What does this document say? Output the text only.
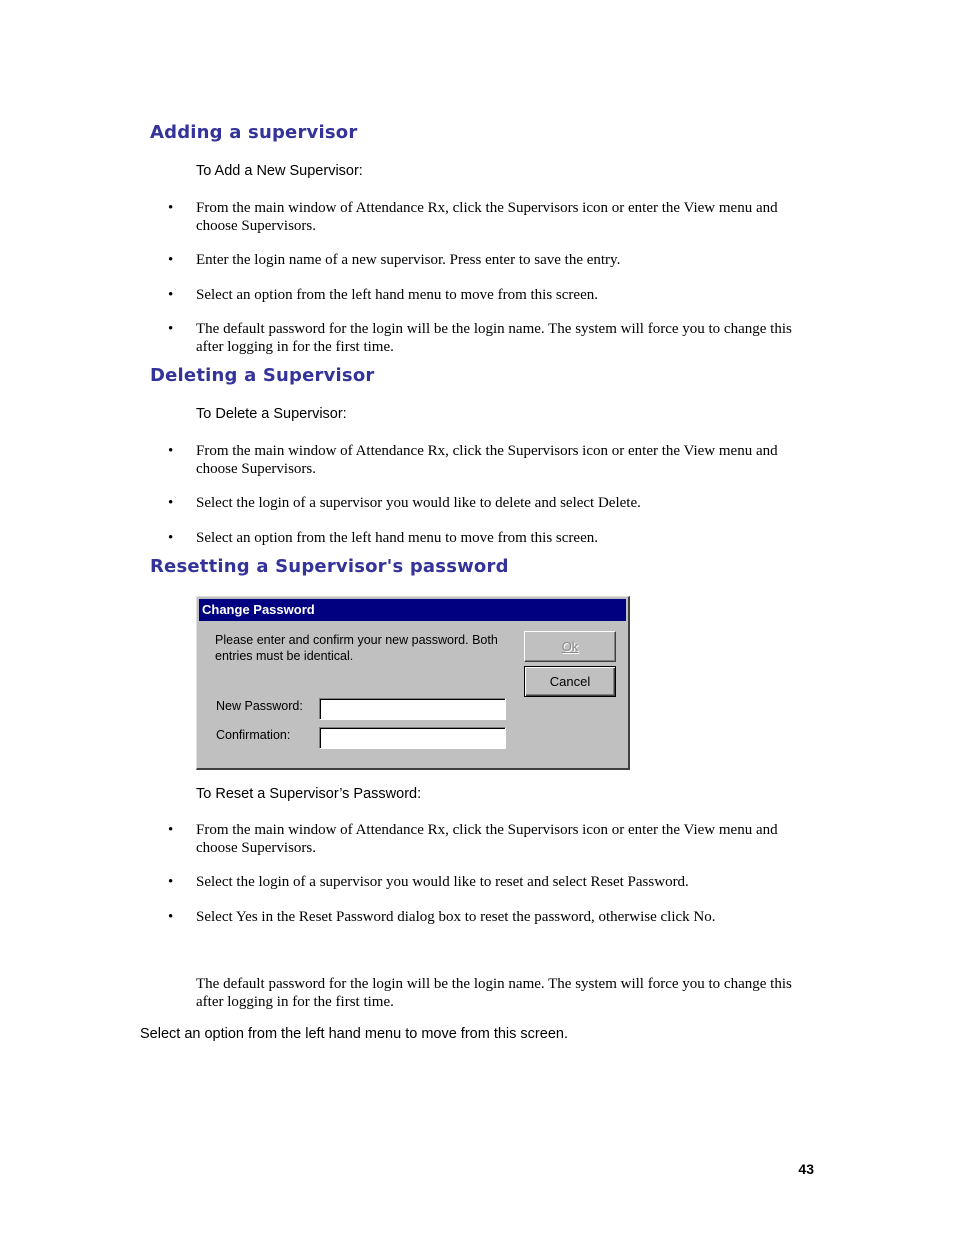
Adding a supervisor
To Add a New Supervisor:
•	From the main window of Attendance Rx, click the Supervisors icon or enter the View menu and choose Supervisors.
•	Enter the login name of a new supervisor. Press enter to save the entry.
•	Select an option from the left hand menu to move from this screen.
•	The default password for the login will be the login name. The system will force you to change this after logging in for the first time.
Deleting a Supervisor
To Delete a Supervisor:
•	From the main window of Attendance Rx, click the Supervisors icon or enter the View menu and choose Supervisors.
•	Select the login of a supervisor you would like to delete and select Delete.
•	Select an option from the left hand menu to move from this screen.
Resetting a Supervisor's password
Change Password
Please enter and confirm your new password. Both entries must be identical.
New Password:
Confirmation:
Ok
Cancel
To Reset a Supervisor’s Password:
•	From the main window of Attendance Rx, click the Supervisors icon or enter the View menu and choose Supervisors.
•	Select the login of a supervisor you would like to reset and select Reset Password.
•	Select Yes in the Reset Password dialog box to reset the password, otherwise click No.
The default password for the login will be the login name. The system will force you to change this after logging in for the first time.
Select an option from the left hand menu to move from this screen.
43
